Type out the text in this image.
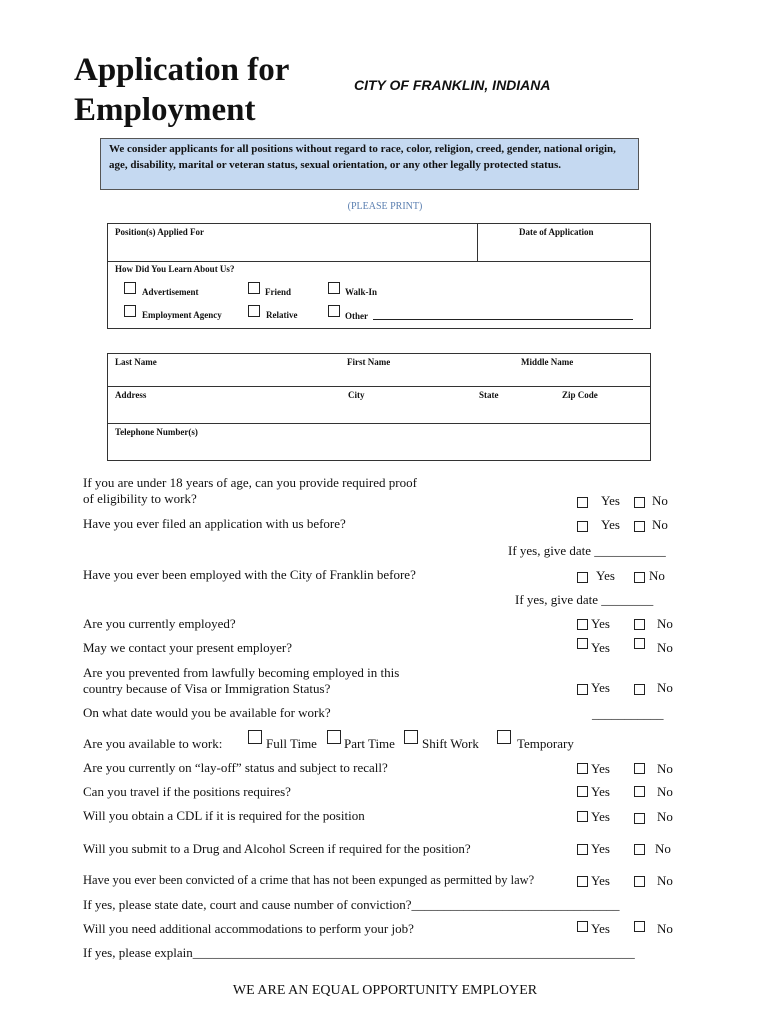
Application for
Employment
CITY OF FRANKLIN, INDIANA
We consider applicants for all positions without regard to race, color, religion, creed, gender, national origin, age, disability, marital or veteran status, sexual orientation, or any other legally protected status.
(PLEASE PRINT)
Position(s) Applied For	Date of Application
How Did You Learn About Us?
Advertisement	Friend	Walk-In
Employment Agency	Relative	Other
Last Name	First Name	Middle Name
Address	City	State	Zip Code
Telephone Number(s)
If you are under 18 years of age, can you provide required proof
of eligibility to work?	Yes No
Have you ever filed an application with us before?	Yes No
If yes, give date ___________
Have you ever been employed with the City of Franklin before?	Yes	No
If yes, give date ________
Are you currently employed?	Yes	No
May we contact your present employer?	Yes	No
Are you prevented from lawfully becoming employed in this
country because of Visa or Immigration Status?	Yes	No
On what date would you be available for work?	___________
Are you available to work:	Full Time Part Time Shift Work	Temporary
Are you currently on “lay-off” status and subject to recall?	Yes	No
Can you travel if the positions requires?	Yes	No
Will you obtain a CDL if it is required for the position	Yes	No
Will you submit to a Drug and Alcohol Screen if required for the position?	Yes	No
Have you ever been convicted of a crime that has not been expunged as permitted by law?	Yes	No
If yes, please state date, court and cause number of conviction?________________________________
Will you need additional accommodations to perform your job?	Yes	No
If yes, please explain____________________________________________________________________
WE ARE AN EQUAL OPPORTUNITY EMPLOYER
